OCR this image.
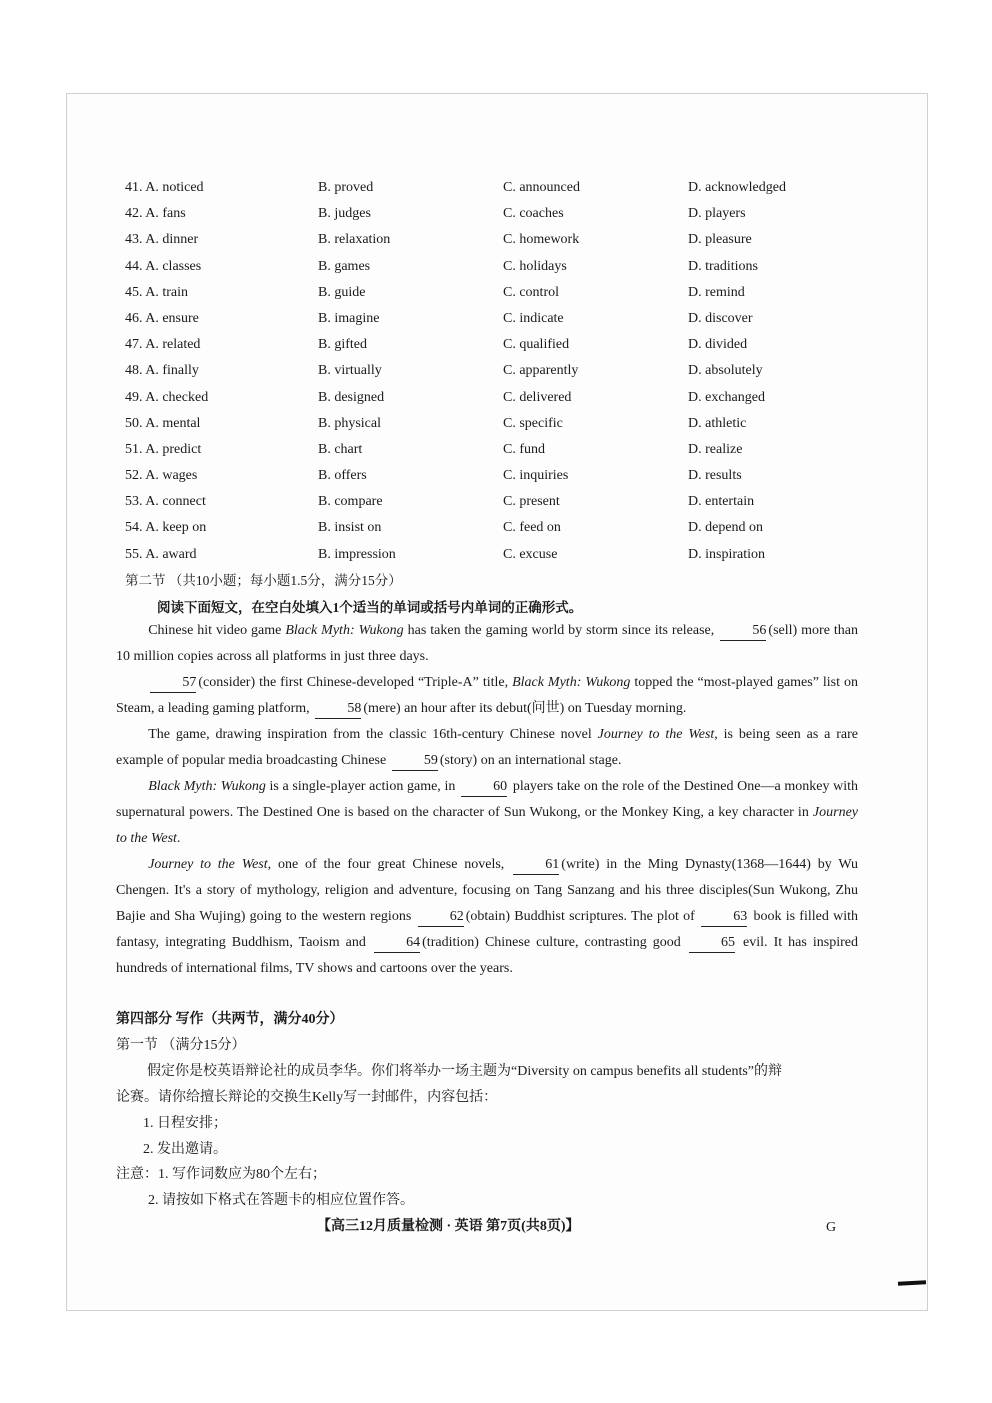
41. A. noticed	B. proved	C. announced	D. acknowledged
42. A. fans	B. judges	C. coaches	D. players
43. A. dinner	B. relaxation	C. homework	D. pleasure
44. A. classes	B. games	C. holidays	D. traditions
45. A. train	B. guide	C. control	D. remind
46. A. ensure	B. imagine	C. indicate	D. discover
47. A. related	B. gifted	C. qualified	D. divided
48. A. finally	B. virtually	C. apparently	D. absolutely
49. A. checked	B. designed	C. delivered	D. exchanged
50. A. mental	B. physical	C. specific	D. athletic
51. A. predict	B. chart	C. fund	D. realize
52. A. wages	B. offers	C. inquiries	D. results
53. A. connect	B. compare	C. present	D. entertain
54. A. keep on	B. insist on	C. feed on	D. depend on
55. A. award	B. impression	C. excuse	D. inspiration
第二节 （共10小题；每小题1.5分，满分15分）
阅读下面短文，在空白处填入1个适当的单词或括号内单词的正确形式。

Chinese hit video game Black Myth: Wukong has taken the gaming world by storm since its release, 56 (sell) more than 10 million copies across all platforms in just three days.

57 (consider) the first Chinese-developed “Triple-A” title, Black Myth: Wukong topped the “most-played games” list on Steam, a leading gaming platform, 58 (mere) an hour after its debut(问世) on Tuesday morning.

The game, drawing inspiration from the classic 16th-century Chinese novel Journey to the West, is being seen as a rare example of popular media broadcasting Chinese 59 (story) on an international stage.

Black Myth: Wukong is a single-player action game, in 60 players take on the role of the Destined One—a monkey with supernatural powers. The Destined One is based on the character of Sun Wukong, or the Monkey King, a key character in Journey to the West.

Journey to the West, one of the four great Chinese novels, 61 (write) in the Ming Dynasty(1368—1644) by Wu Chengen. It's a story of mythology, religion and adventure, focusing on Tang Sanzang and his three disciples(Sun Wukong, Zhu Bajie and Sha Wujing) going to the western regions 62 (obtain) Buddhist scriptures. The plot of 63 book is filled with fantasy, integrating Buddhism, Taoism and 64 (tradition) Chinese culture, contrasting good 65 evil. It has inspired hundreds of international films, TV shows and cartoons over the years.

第四部分 写作（共两节，满分40分）
第一节 （满分15分）
假定你是校英语辩论社的成员李华。你们将举办一场主题为“Diversity on campus benefits all students”的辩
论赛。请你给擅长辩论的交换生Kelly写一封邮件，内容包括：
1. 日程安排；
2. 发出邀请。
注意：1. 写作词数应为80个左右；
2. 请按如下格式在答题卡的相应位置作答。
【高三12月质量检测 · 英语 第7页(共8页)】	G
